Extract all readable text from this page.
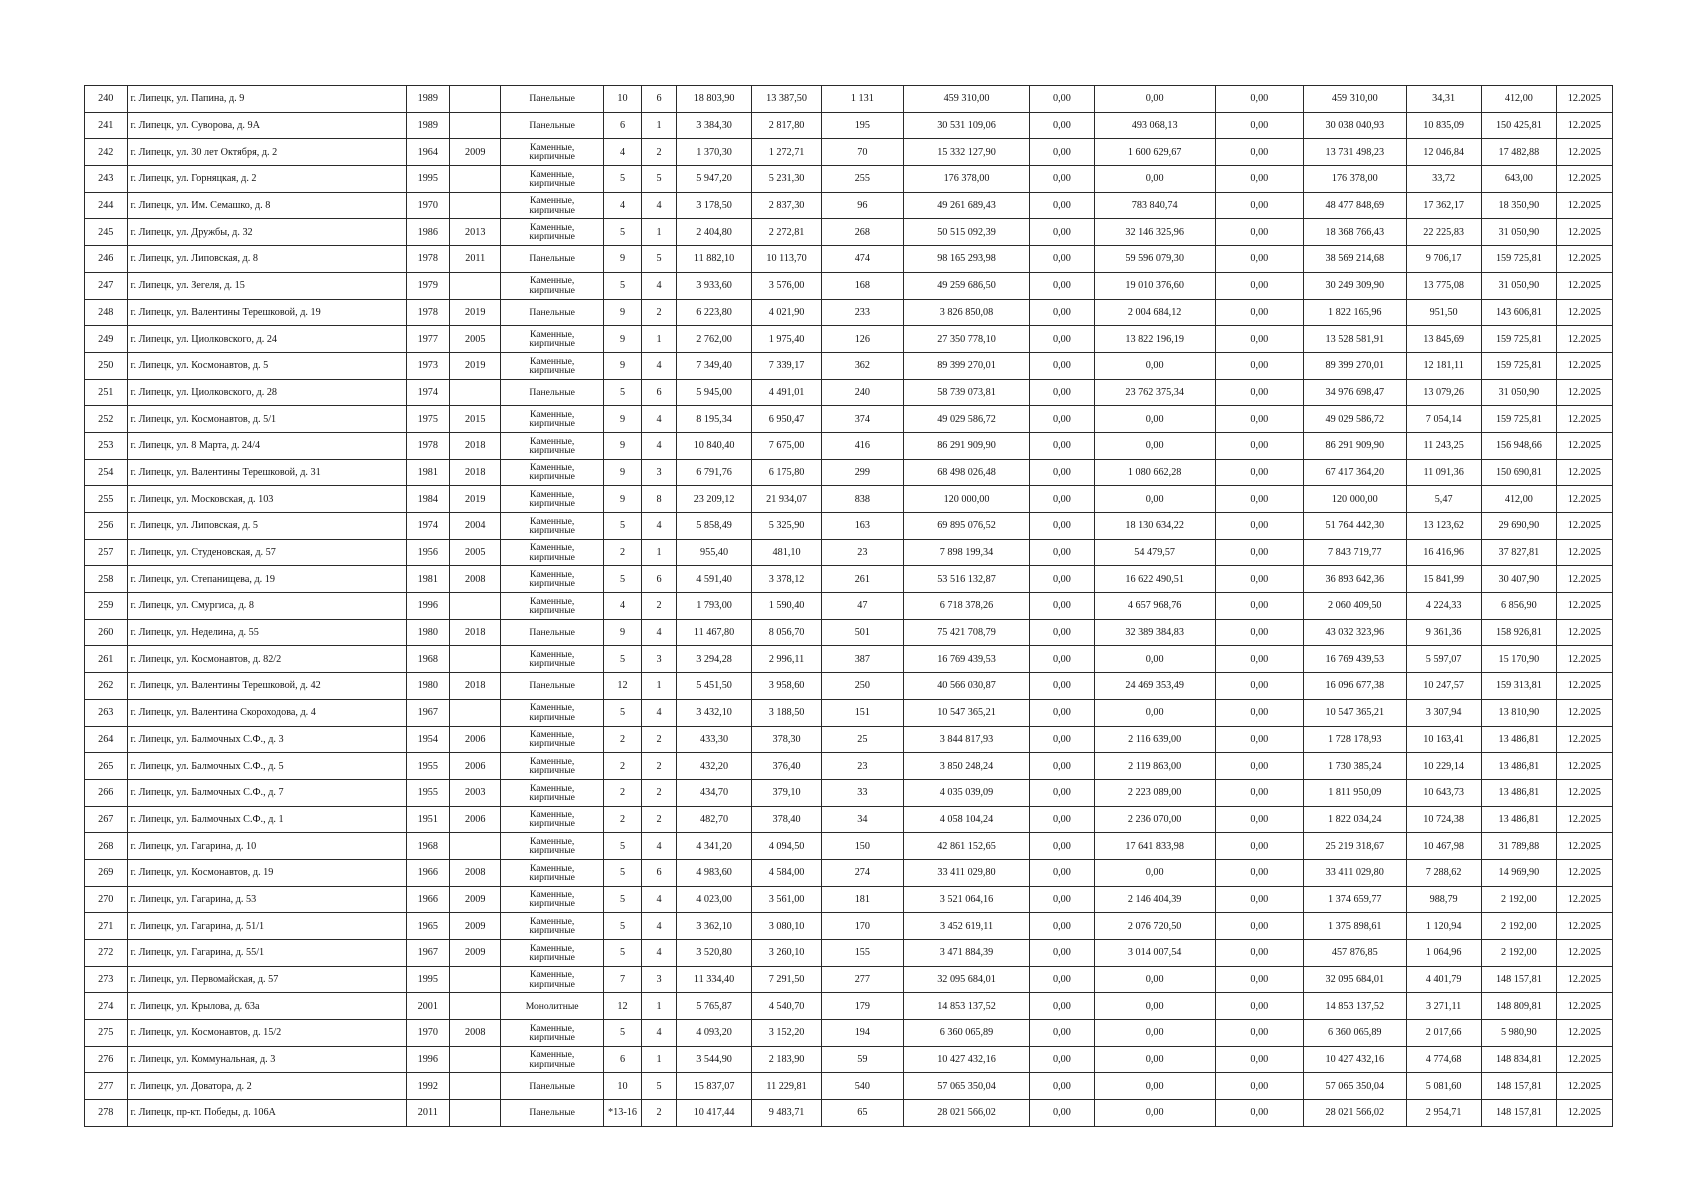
240	г. Липецк, ул. Папина, д. 9	1989		Панельные	10	6	18 803,90	13 387,50	1 131	459 310,00	0,00	0,00	0,00	459 310,00	34,31	412,00	12.2025
241	г. Липецк, ул. Суворова, д. 9А	1989		Панельные	6	1	3 384,30	2 817,80	195	30 531 109,06	0,00	493 068,13	0,00	30 038 040,93	10 835,09	150 425,81	12.2025
242	г. Липецк, ул. 30 лет Октября, д. 2	1964	2009	Каменные, кирпичные	4	2	1 370,30	1 272,71	70	15 332 127,90	0,00	1 600 629,67	0,00	13 731 498,23	12 046,84	17 482,88	12.2025
243	г. Липецк, ул. Горняцкая, д. 2	1995		Каменные, кирпичные	5	5	5 947,20	5 231,30	255	176 378,00	0,00	0,00	0,00	176 378,00	33,72	643,00	12.2025
244	г. Липецк, ул. Им. Семашко, д. 8	1970		Каменные, кирпичные	4	4	3 178,50	2 837,30	96	49 261 689,43	0,00	783 840,74	0,00	48 477 848,69	17 362,17	18 350,90	12.2025
245	г. Липецк, ул. Дружбы, д. 32	1986	2013	Каменные, кирпичные	5	1	2 404,80	2 272,81	268	50 515 092,39	0,00	32 146 325,96	0,00	18 368 766,43	22 225,83	31 050,90	12.2025
246	г. Липецк, ул. Липовская, д. 8	1978	2011	Панельные	9	5	11 882,10	10 113,70	474	98 165 293,98	0,00	59 596 079,30	0,00	38 569 214,68	9 706,17	159 725,81	12.2025
247	г. Липецк, ул. Зегеля, д. 15	1979		Каменные, кирпичные	5	4	3 933,60	3 576,00	168	49 259 686,50	0,00	19 010 376,60	0,00	30 249 309,90	13 775,08	31 050,90	12.2025
248	г. Липецк, ул. Валентины Терешковой, д. 19	1978	2019	Панельные	9	2	6 223,80	4 021,90	233	3 826 850,08	0,00	2 004 684,12	0,00	1 822 165,96	951,50	143 606,81	12.2025
249	г. Липецк, ул. Циолковского, д. 24	1977	2005	Каменные, кирпичные	9	1	2 762,00	1 975,40	126	27 350 778,10	0,00	13 822 196,19	0,00	13 528 581,91	13 845,69	159 725,81	12.2025
250	г. Липецк, ул. Космонавтов, д. 5	1973	2019	Каменные, кирпичные	9	4	7 349,40	7 339,17	362	89 399 270,01	0,00	0,00	0,00	89 399 270,01	12 181,11	159 725,81	12.2025
251	г. Липецк, ул. Циолковского, д. 28	1974		Панельные	5	6	5 945,00	4 491,01	240	58 739 073,81	0,00	23 762 375,34	0,00	34 976 698,47	13 079,26	31 050,90	12.2025
252	г. Липецк, ул. Космонавтов, д. 5/1	1975	2015	Каменные, кирпичные	9	4	8 195,34	6 950,47	374	49 029 586,72	0,00	0,00	0,00	49 029 586,72	7 054,14	159 725,81	12.2025
253	г. Липецк, ул. 8 Марта, д. 24/4	1978	2018	Каменные, кирпичные	9	4	10 840,40	7 675,00	416	86 291 909,90	0,00	0,00	0,00	86 291 909,90	11 243,25	156 948,66	12.2025
254	г. Липецк, ул. Валентины Терешковой, д. 31	1981	2018	Каменные, кирпичные	9	3	6 791,76	6 175,80	299	68 498 026,48	0,00	1 080 662,28	0,00	67 417 364,20	11 091,36	150 690,81	12.2025
255	г. Липецк, ул. Московская, д. 103	1984	2019	Каменные, кирпичные	9	8	23 209,12	21 934,07	838	120 000,00	0,00	0,00	0,00	120 000,00	5,47	412,00	12.2025
256	г. Липецк, ул. Липовская, д. 5	1974	2004	Каменные, кирпичные	5	4	5 858,49	5 325,90	163	69 895 076,52	0,00	18 130 634,22	0,00	51 764 442,30	13 123,62	29 690,90	12.2025
257	г. Липецк, ул. Студеновская, д. 57	1956	2005	Каменные, кирпичные	2	1	955,40	481,10	23	7 898 199,34	0,00	54 479,57	0,00	7 843 719,77	16 416,96	37 827,81	12.2025
258	г. Липецк, ул. Степанищева, д. 19	1981	2008	Каменные, кирпичные	5	6	4 591,40	3 378,12	261	53 516 132,87	0,00	16 622 490,51	0,00	36 893 642,36	15 841,99	30 407,90	12.2025
259	г. Липецк, ул. Смургиса, д. 8	1996		Каменные, кирпичные	4	2	1 793,00	1 590,40	47	6 718 378,26	0,00	4 657 968,76	0,00	2 060 409,50	4 224,33	6 856,90	12.2025
260	г. Липецк, ул. Неделина, д. 55	1980	2018	Панельные	9	4	11 467,80	8 056,70	501	75 421 708,79	0,00	32 389 384,83	0,00	43 032 323,96	9 361,36	158 926,81	12.2025
261	г. Липецк, ул. Космонавтов, д. 82/2	1968		Каменные, кирпичные	5	3	3 294,28	2 996,11	387	16 769 439,53	0,00	0,00	0,00	16 769 439,53	5 597,07	15 170,90	12.2025
262	г. Липецк, ул. Валентины Терешковой, д. 42	1980	2018	Панельные	12	1	5 451,50	3 958,60	250	40 566 030,87	0,00	24 469 353,49	0,00	16 096 677,38	10 247,57	159 313,81	12.2025
263	г. Липецк, ул. Валентина Скороходова, д. 4	1967		Каменные, кирпичные	5	4	3 432,10	3 188,50	151	10 547 365,21	0,00	0,00	0,00	10 547 365,21	3 307,94	13 810,90	12.2025
264	г. Липецк, ул. Балмочных С.Ф., д. 3	1954	2006	Каменные, кирпичные	2	2	433,30	378,30	25	3 844 817,93	0,00	2 116 639,00	0,00	1 728 178,93	10 163,41	13 486,81	12.2025
265	г. Липецк, ул. Балмочных С.Ф., д. 5	1955	2006	Каменные, кирпичные	2	2	432,20	376,40	23	3 850 248,24	0,00	2 119 863,00	0,00	1 730 385,24	10 229,14	13 486,81	12.2025
266	г. Липецк, ул. Балмочных С.Ф., д. 7	1955	2003	Каменные, кирпичные	2	2	434,70	379,10	33	4 035 039,09	0,00	2 223 089,00	0,00	1 811 950,09	10 643,73	13 486,81	12.2025
267	г. Липецк, ул. Балмочных С.Ф., д. 1	1951	2006	Каменные, кирпичные	2	2	482,70	378,40	34	4 058 104,24	0,00	2 236 070,00	0,00	1 822 034,24	10 724,38	13 486,81	12.2025
268	г. Липецк, ул. Гагарина, д. 10	1968		Каменные, кирпичные	5	4	4 341,20	4 094,50	150	42 861 152,65	0,00	17 641 833,98	0,00	25 219 318,67	10 467,98	31 789,88	12.2025
269	г. Липецк, ул. Космонавтов, д. 19	1966	2008	Каменные, кирпичные	5	6	4 983,60	4 584,00	274	33 411 029,80	0,00	0,00	0,00	33 411 029,80	7 288,62	14 969,90	12.2025
270	г. Липецк, ул. Гагарина, д. 53	1966	2009	Каменные, кирпичные	5	4	4 023,00	3 561,00	181	3 521 064,16	0,00	2 146 404,39	0,00	1 374 659,77	988,79	2 192,00	12.2025
271	г. Липецк, ул. Гагарина, д. 51/1	1965	2009	Каменные, кирпичные	5	4	3 362,10	3 080,10	170	3 452 619,11	0,00	2 076 720,50	0,00	1 375 898,61	1 120,94	2 192,00	12.2025
272	г. Липецк, ул. Гагарина, д. 55/1	1967	2009	Каменные, кирпичные	5	4	3 520,80	3 260,10	155	3 471 884,39	0,00	3 014 007,54	0,00	457 876,85	1 064,96	2 192,00	12.2025
273	г. Липецк, ул. Первомайская, д. 57	1995		Каменные, кирпичные	7	3	11 334,40	7 291,50	277	32 095 684,01	0,00	0,00	0,00	32 095 684,01	4 401,79	148 157,81	12.2025
274	г. Липецк, ул. Крылова, д. 63а	2001		Монолитные	12	1	5 765,87	4 540,70	179	14 853 137,52	0,00	0,00	0,00	14 853 137,52	3 271,11	148 809,81	12.2025
275	г. Липецк, ул. Космонавтов, д. 15/2	1970	2008	Каменные, кирпичные	5	4	4 093,20	3 152,20	194	6 360 065,89	0,00	0,00	0,00	6 360 065,89	2 017,66	5 980,90	12.2025
276	г. Липецк, ул. Коммунальная, д. 3	1996		Каменные, кирпичные	6	1	3 544,90	2 183,90	59	10 427 432,16	0,00	0,00	0,00	10 427 432,16	4 774,68	148 834,81	12.2025
277	г. Липецк, ул. Доватора, д. 2	1992		Панельные	10	5	15 837,07	11 229,81	540	57 065 350,04	0,00	0,00	0,00	57 065 350,04	5 081,60	148 157,81	12.2025
278	г. Липецк, пр-кт. Победы, д. 106А	2011		Панельные	*13-16	2	10 417,44	9 483,71	65	28 021 566,02	0,00	0,00	0,00	28 021 566,02	2 954,71	148 157,81	12.2025
